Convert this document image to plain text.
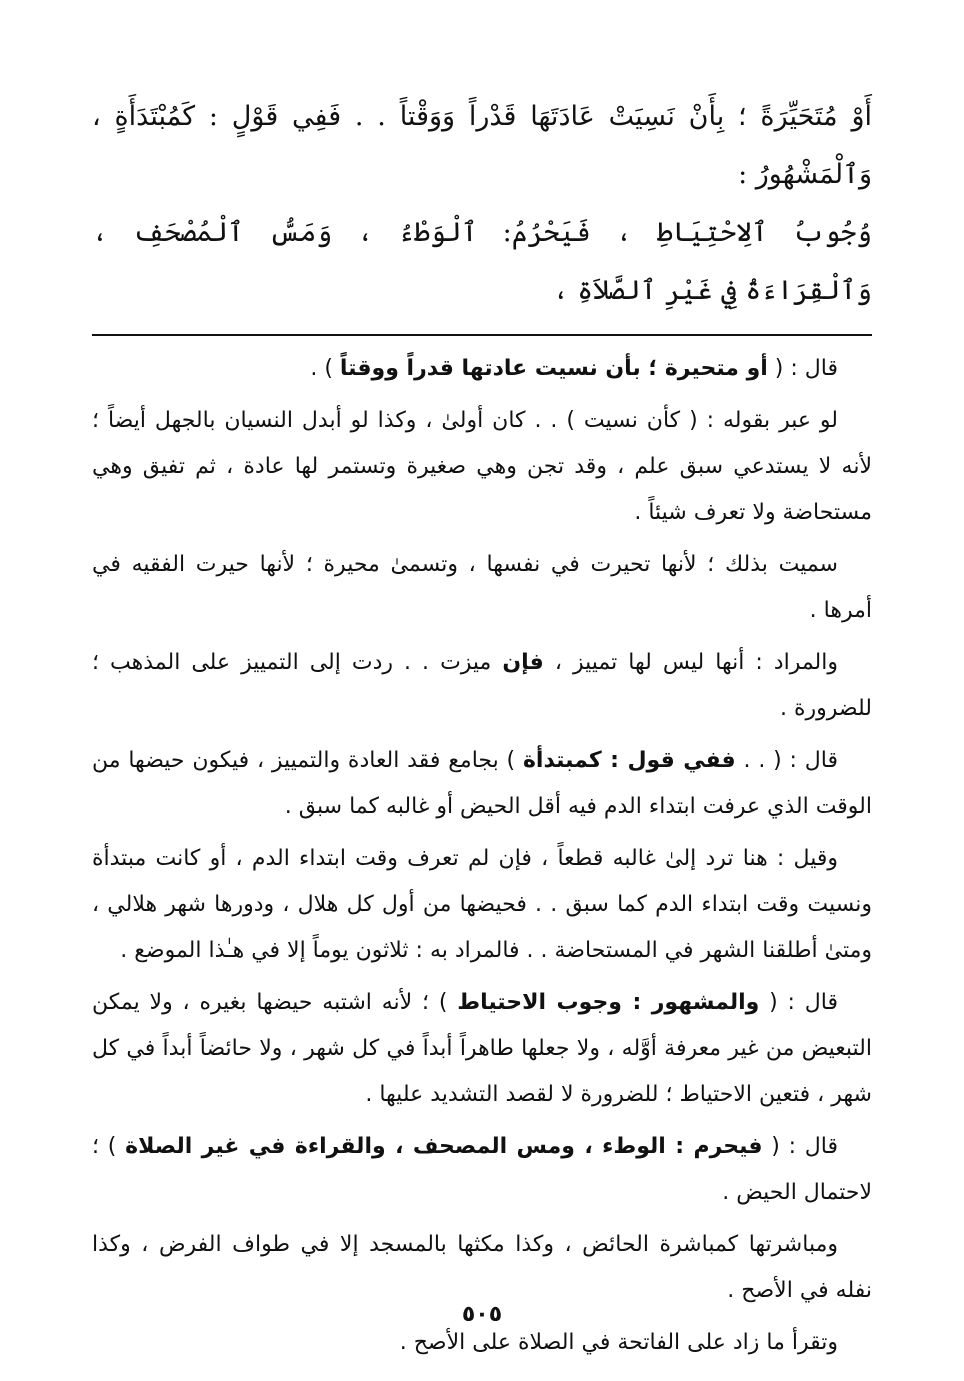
أَوْ مُتَحَيِّرَةً ؛ بِأَنْ نَسِيَتْ عَادَتَهَا قَدْراً وَوَقْتاً . . فَفِي قَوْلٍ : كَمُبْتَدَأَةٍ ، وَٱلْمَشْهُورُ :

وُجُوبُ ٱلِاحْتِيَاطِ ، فَيَحْرُمُ: ٱلْوَطْءُ ، وَمَسُّ ٱلْمُصْحَفِ ، وَٱلْقِرَاءَةُ فِي غَيْرِ ٱلصَّلاَةِ ،

قال : ( أو متحيرة ؛ بأن نسيت عادتها قدراً ووقتاً ) .

لو عبر بقوله : ( كأن نسيت ) . . كان أولىٰ ، وكذا لو أبدل النسيان بالجهل أيضاً ؛ لأنه لا يستدعي سبق علم ، وقد تجن وهي صغيرة وتستمر لها عادة ، ثم تفيق وهي مستحاضة ولا تعرف شيئاً .

سميت بذلك ؛ لأنها تحيرت في نفسها ، وتسمىٰ محيرة ؛ لأنها حيرت الفقيه في أمرها .

والمراد : أنها ليس لها تمييز ، فإن ميزت . . ردت إلى التمييز على المذهب ؛ للضرورة .

قال : ( . . ففي قول : كمبتدأة ) بجامع فقد العادة والتمييز ، فيكون حيضها من الوقت الذي عرفت ابتداء الدم فيه أقل الحيض أو غالبه كما سبق .

وقيل : هنا ترد إلىٰ غالبه قطعاً ، فإن لم تعرف وقت ابتداء الدم ، أو كانت مبتدأة ونسيت وقت ابتداء الدم كما سبق . . فحيضها من أول كل هلال ، ودورها شهر هلالي ، ومتىٰ أطلقنا الشهر في المستحاضة . . فالمراد به : ثلاثون يوماً إلا في هـٰذا الموضع .

قال : ( والمشهور : وجوب الاحتياط ) ؛ لأنه اشتبه حيضها بغيره ، ولا يمكن التبعيض من غير معرفة أوَّله ، ولا جعلها طاهراً أبداً في كل شهر ، ولا حائضاً أبداً في كل شهر ، فتعين الاحتياط ؛ للضرورة لا لقصد التشديد عليها .

قال : ( فيحرم : الوطء ، ومس المصحف ، والقراءة في غير الصلاة ) ؛ لاحتمال الحيض .

ومباشرتها كمباشرة الحائض ، وكذا مكثها بالمسجد إلا في طواف الفرض ، وكذا نفله في الأصح .

وتقرأ ما زاد على الفاتحة في الصلاة على الأصح .

٥٠٥
